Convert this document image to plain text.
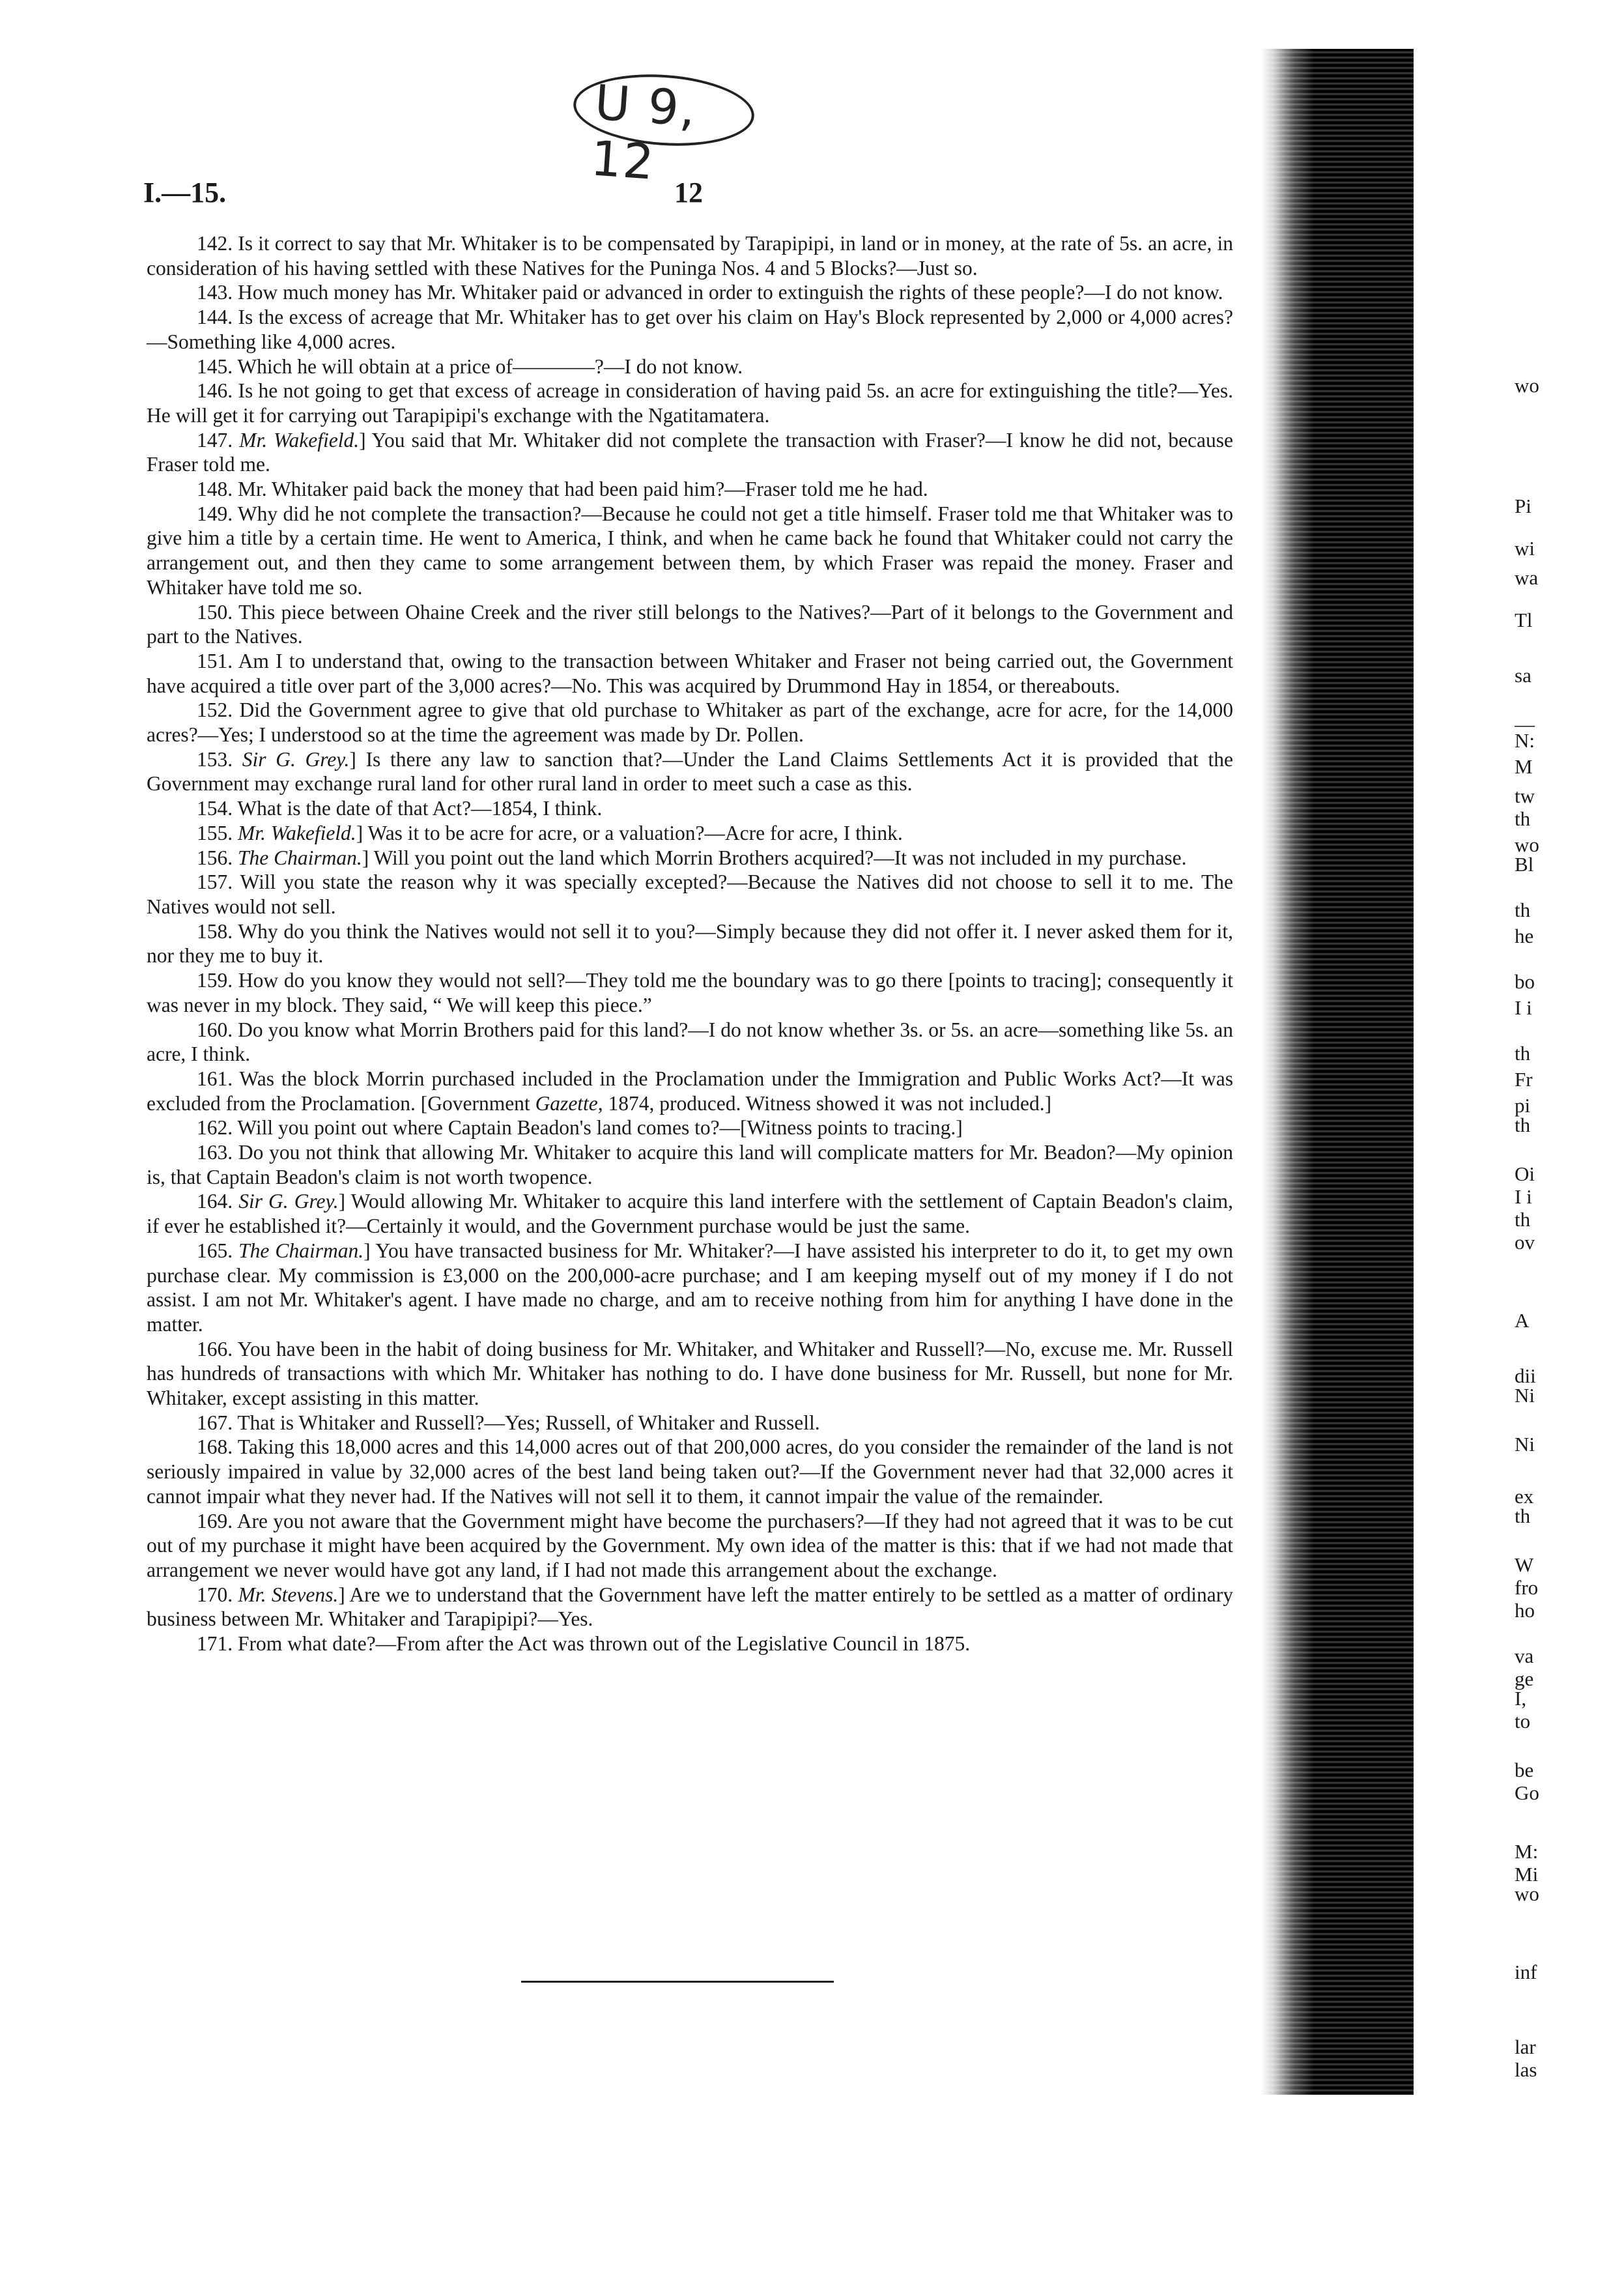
U 9, 12
I.—15.	12

142. Is it correct to say that Mr. Whitaker is to be compensated by Tarapipipi, in land or in money, at the rate of 5s. an acre, in consideration of his having settled with these Natives for the Puninga Nos. 4 and 5 Blocks?—Just so.

143. How much money has Mr. Whitaker paid or advanced in order to extinguish the rights of these people?—I do not know.

144. Is the excess of acreage that Mr. Whitaker has to get over his claim on Hay's Block represented by 2,000 or 4,000 acres?—Something like 4,000 acres.

145. Which he will obtain at a price of————?—I do not know.

146. Is he not going to get that excess of acreage in consideration of having paid 5s. an acre for extinguishing the title?—Yes. He will get it for carrying out Tarapipipi's exchange with the Ngatitamatera.

147. Mr. Wakefield.] You said that Mr. Whitaker did not complete the transaction with Fraser?—I know he did not, because Fraser told me.

148. Mr. Whitaker paid back the money that had been paid him?—Fraser told me he had.

149. Why did he not complete the transaction?—Because he could not get a title himself. Fraser told me that Whitaker was to give him a title by a certain time. He went to America, I think, and when he came back he found that Whitaker could not carry the arrangement out, and then they came to some arrangement between them, by which Fraser was repaid the money. Fraser and Whitaker have told me so.

150. This piece between Ohaine Creek and the river still belongs to the Natives?—Part of it belongs to the Government and part to the Natives.

151. Am I to understand that, owing to the transaction between Whitaker and Fraser not being carried out, the Government have acquired a title over part of the 3,000 acres?—No. This was acquired by Drummond Hay in 1854, or thereabouts.

152. Did the Government agree to give that old purchase to Whitaker as part of the exchange, acre for acre, for the 14,000 acres?—Yes; I understood so at the time the agreement was made by Dr. Pollen.

153. Sir G. Grey.] Is there any law to sanction that?—Under the Land Claims Settlements Act it is provided that the Government may exchange rural land for other rural land in order to meet such a case as this.

154. What is the date of that Act?—1854, I think.

155. Mr. Wakefield.] Was it to be acre for acre, or a valuation?—Acre for acre, I think.

156. The Chairman.] Will you point out the land which Morrin Brothers acquired?—It was not included in my purchase.

157. Will you state the reason why it was specially excepted?—Because the Natives did not choose to sell it to me. The Natives would not sell.

158. Why do you think the Natives would not sell it to you?—Simply because they did not offer it. I never asked them for it, nor they me to buy it.

159. How do you know they would not sell?—They told me the boundary was to go there [points to tracing]; consequently it was never in my block. They said, “ We will keep this piece.”

160. Do you know what Morrin Brothers paid for this land?—I do not know whether 3s. or 5s. an acre—something like 5s. an acre, I think.

161. Was the block Morrin purchased included in the Proclamation under the Immigration and Public Works Act?—It was excluded from the Proclamation. [Government Gazette, 1874, produced. Witness showed it was not included.]

162. Will you point out where Captain Beadon's land comes to?—[Witness points to tracing.]

163. Do you not think that allowing Mr. Whitaker to acquire this land will complicate matters for Mr. Beadon?—My opinion is, that Captain Beadon's claim is not worth twopence.

164. Sir G. Grey.] Would allowing Mr. Whitaker to acquire this land interfere with the settlement of Captain Beadon's claim, if ever he established it?—Certainly it would, and the Government purchase would be just the same.

165. The Chairman.] You have transacted business for Mr. Whitaker?—I have assisted his interpreter to do it, to get my own purchase clear. My commission is £3,000 on the 200,000-acre purchase; and I am keeping myself out of my money if I do not assist. I am not Mr. Whitaker's agent. I have made no charge, and am to receive nothing from him for anything I have done in the matter.

166. You have been in the habit of doing business for Mr. Whitaker, and Whitaker and Russell?—No, excuse me. Mr. Russell has hundreds of transactions with which Mr. Whitaker has nothing to do. I have done business for Mr. Russell, but none for Mr. Whitaker, except assisting in this matter.

167. That is Whitaker and Russell?—Yes; Russell, of Whitaker and Russell.

168. Taking this 18,000 acres and this 14,000 acres out of that 200,000 acres, do you consider the remainder of the land is not seriously impaired in value by 32,000 acres of the best land being taken out?—If the Government never had that 32,000 acres it cannot impair what they never had. If the Natives will not sell it to them, it cannot impair the value of the remainder.

169. Are you not aware that the Government might have become the purchasers?—If they had not agreed that it was to be cut out of my purchase it might have been acquired by the Government. My own idea of the matter is this: that if we had not made that arrangement we never would have got any land, if I had not made this arrangement about the exchange.

170. Mr. Stevens.] Are we to understand that the Government have left the matter entirely to be settled as a matter of ordinary business between Mr. Whitaker and Tarapipipi?—Yes.

171. From what date?—From after the Act was thrown out of the Legislative Council in 1875.

wo
Pi
wi
wa
Tl
sa
—
N:
M
tw
th
wo
Bl
th
he
bo
I i
th
Fr
pi
th
Oi
I i
th
ov
A
dii
Ni
Ni
ex
th
W
fro
ho
va
ge
I,
to
be
Go
M:
Mi
wo
inf
lar
las
